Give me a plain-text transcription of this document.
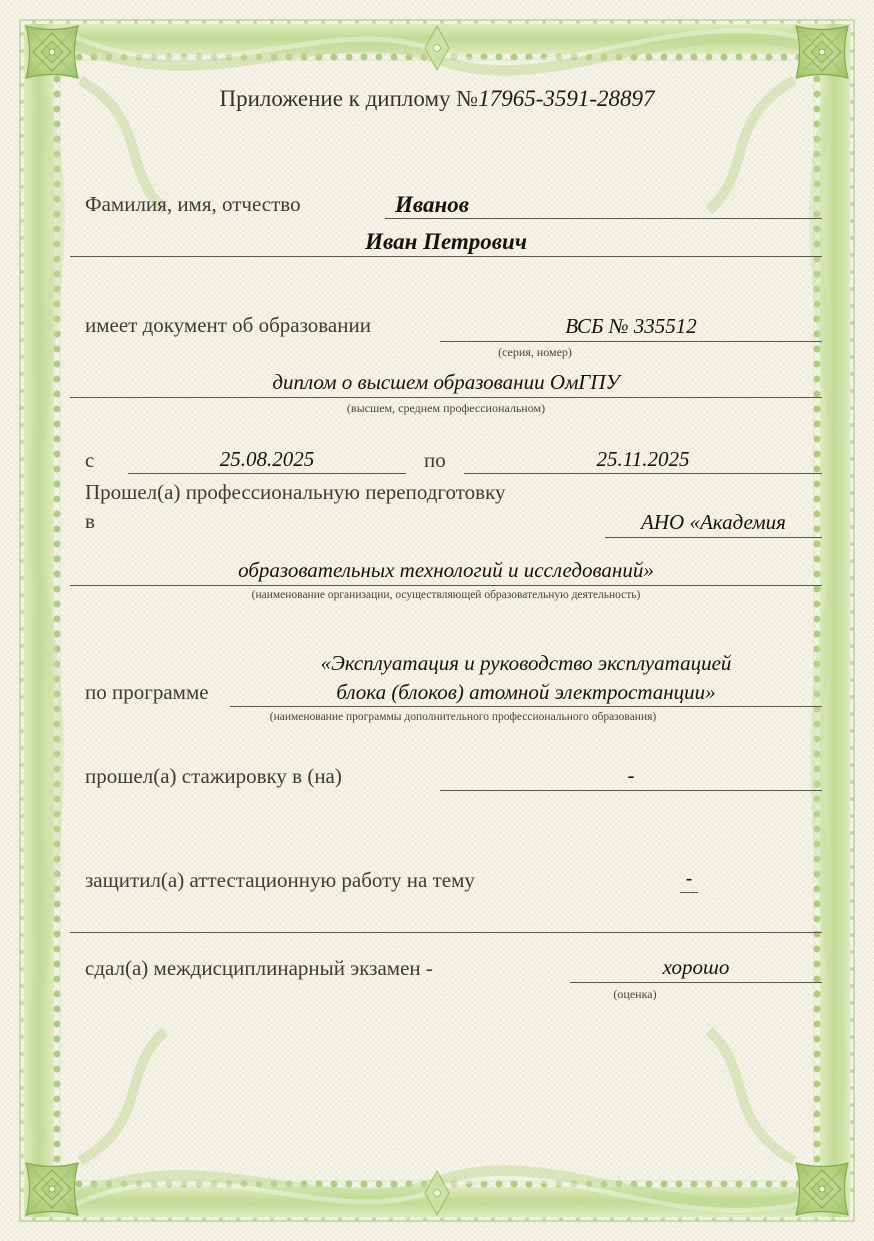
Приложение к диплому №17965-3591-28897
Фамилия, имя, отчество	Иванов
Иван Петрович
имеет документ об образовании	ВСБ № 335512
(серия, номер)
диплом о высшем образовании ОмГПУ
(высшем, среднем профессиональном)
с	25.08.2025	по	25.11.2025
Прошел(а) профессиональную переподготовку
в	АНО «Академия
образовательных технологий и исследований»
(наименование организации, осуществляющей образовательную деятельность)
по программе
«Эксплуатация и руководство эксплуатацией
блока (блоков) атомной электростанции»
(наименование программы дополнительного профессионального образования)
прошел(а) стажировку в (на)	-
защитил(а) аттестационную работу на тему	-
сдал(а) междисциплинарный экзамен -	хорошо
(оценка)
